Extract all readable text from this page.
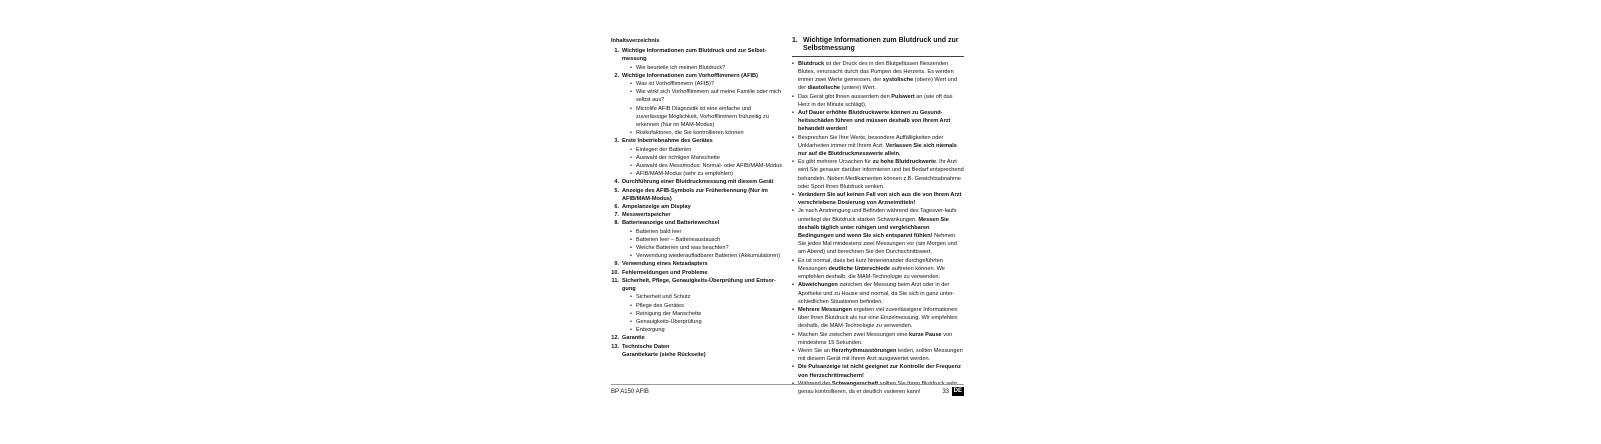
Inhaltsverzeichnis
1. Wichtige Informationen zum Blutdruck und zur Selbst-messung
• Wie beurteile ich meinen Blutdruck?
2. Wichtige Informationen zum Vorhofflimmern (AFIB)
• Was ist Vorhofflimmern (AFIB)?
• Wie wirkt sich Vorhofflimmern auf meine Familie oder mich selbst aus?
• Microlife AFIB Diagnostik ist eine einfache und zuverlässige Möglichkeit, Vorhofflimmern frühzeitig zu erkennen (Nur im MAM-Modus)
• Risikofaktoren, die Sie kontrollieren können
3. Erste Inbetriebnahme des Gerätes
• Einlegen der Batterien
• Auswahl der richtigen Manschette
• Auswahl des Messmodus: Normal- oder AFIB/MAM-Modus
• AFIB/MAM-Modus (sehr zu empfehlen)
4. Durchführung einer Blutdruckmessung mit diesem Gerät
5. Anzeige des AFIB-Symbols zur Früherkennung (Nur im AFIB/MAM-Modus)
6. Ampelanzeige am Display
7. Messwertspeicher
8. Batterieanzeige und Batteriewechsel
• Batterien bald leer
• Batterien leer – Batterieaustausch
• Welche Batterien und was beachten?
• Verwendung wiederaufladbarer Batterien (Akkumulatoren)
9. Verwendung eines Netzadapters
10. Fehlermeldungen und Probleme
11. Sicherheit, Pflege, Genauigkeits-Überprüfung und Entsor-gung
• Sicherheit und Schutz
• Pflege des Gerätes
• Reinigung der Manschette
• Genauigkeits-Überprüfung
• Entsorgung
12. Garantie
13. Technische Daten
Garantiekarte (siehe Rückseite)
1. Wichtige Informationen zum Blutdruck und zur Selbstmessung
• Blutdruck ist der Druck des in den Blutgefässen fliessenden Blutes, verursacht durch das Pumpen des Herzens. Es werden immer zwei Werte gemessen, der systolische (obere) Wert und der diastolische (untere) Wert.
• Das Gerät gibt Ihnen ausserdem den Pulswert an (wie oft das Herz in der Minute schlägt).
• Auf Dauer erhöhte Blutdruckwerte können zu Gesund-heitsschäden führen und müssen deshalb von Ihrem Arzt behandelt werden!
• Besprechen Sie Ihre Werte, besondere Auffälligkeiten oder Unklarheiten immer mit Ihrem Arzt. Verlassen Sie sich niemals nur auf die Blutdruckmesswerte allein.
• Es gibt mehrere Ursachen für zu hohe Blutdruckwerte. Ihr Arzt wird Sie genauer darüber informieren und bei Bedarf entsprechend behandeln. Neben Medikamenten können z.B. Gewichtsabnahme oder Sport Ihren Blutdruck senken.
• Verändern Sie auf keinen Fall von sich aus die von Ihrem Arzt verschriebene Dosierung von Arzneimitteln!
• Je nach Anstrengung und Befinden während des Tagesver-laufs unterliegt der Blutdruck starken Schwankungen. Messen Sie deshalb täglich unter ruhigen und vergleichbaren Bedingungen und wenn Sie sich entspannt fühlen! Nehmen Sie jedes Mal mindestens zwei Messungen vor (am Morgen und am Abend) und berechnen Sie den Durchschnittswert.
• Es ist normal, dass bei kurz hintereinander durchgeführten Messungen deutliche Unterschiede auftreten können. Wir empfehlen deshalb, die MAM-Technologie zu verwenden.
• Abweichungen zwischen der Messung beim Arzt oder in der Apotheke und zu Hause sind normal, da Sie sich in ganz unter-schiedlichen Situationen befinden.
• Mehrere Messungen ergeben viel zuverlässigere Informationen über Ihren Blutdruck als nur eine Einzelmessung. Wir empfehlen deshalb, die MAM-Technologie zu verwenden.
• Machen Sie zwischen zwei Messungen eine kurze Pause von mindestens 15 Sekunden.
• Wenn Sie an Herzrhythmusstörungen leiden, sollten Messungen mit diesem Gerät mit Ihrem Arzt ausgewertet werden.
• Die Pulsanzeige ist nicht geeignet zur Kontrolle der Frequenz von Herzschrittmachern!
• Während der Schwangerschaft sollten Sie Ihren Blutdruck sehr genau kontrollieren, da er deutlich variieren kann!
BP A150 AFIB	33 DE
